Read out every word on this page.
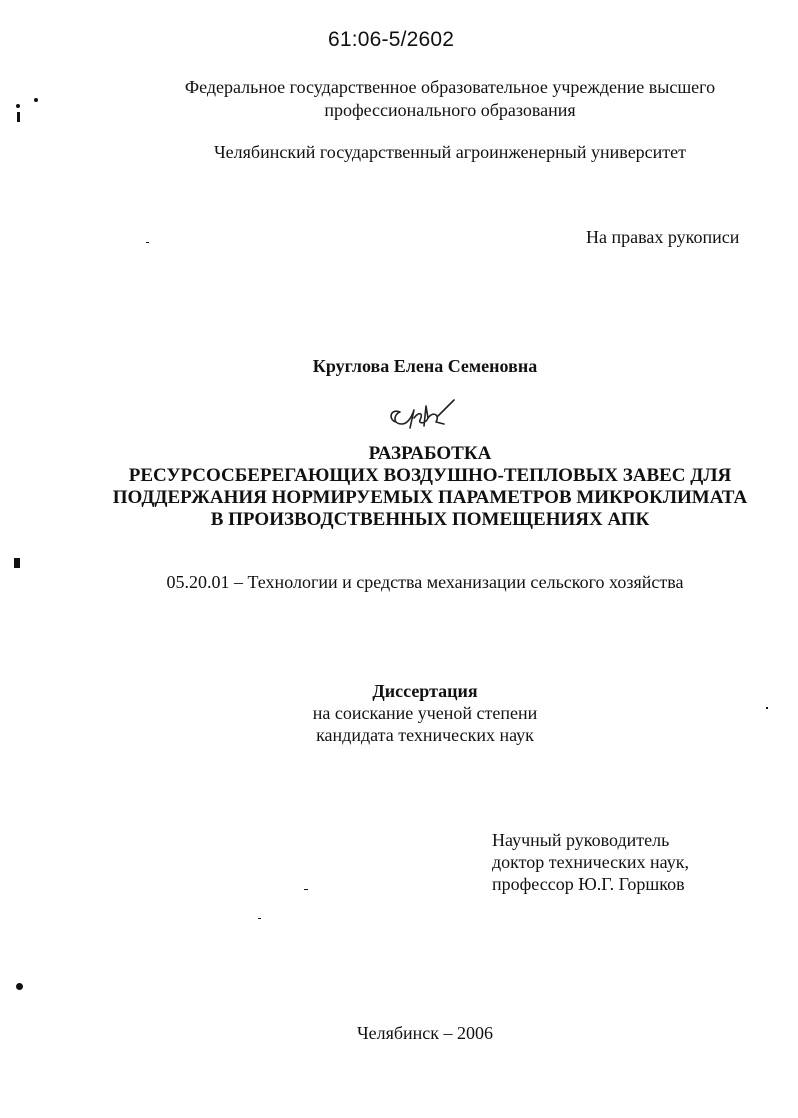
61:06-5/2602
Федеральное государственное образовательное учреждение высшего
профессионального образования
Челябинский государственный агроинженерный университет
На правах рукописи
Круглова Елена Семеновна
РАЗРАБОТКА
РЕСУРСОСБЕРЕГАЮЩИХ ВОЗДУШНО-ТЕПЛОВЫХ ЗАВЕС ДЛЯ
ПОДДЕРЖАНИЯ НОРМИРУЕМЫХ ПАРАМЕТРОВ МИКРОКЛИМАТА
В ПРОИЗВОДСТВЕННЫХ ПОМЕЩЕНИЯХ АПК
05.20.01 – Технологии и средства механизации сельского хозяйства
Диссертация
на соискание ученой степени
кандидата технических наук
Научный руководитель
доктор технических наук,
профессор Ю.Г. Горшков
Челябинск – 2006
